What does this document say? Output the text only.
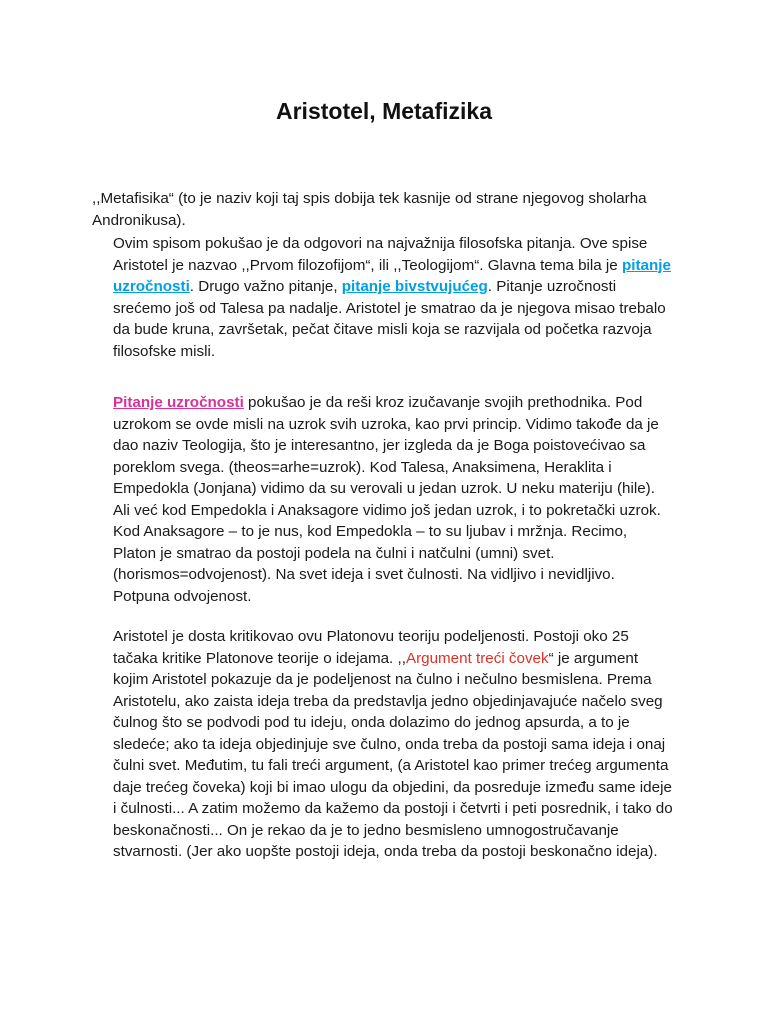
Aristotel, Metafizika

,,Metafisika“ (to je naziv koji taj spis dobija tek kasnije od strane njegovog sholarha Andronikusa).

Ovim spisom pokušao je da odgovori na najvažnija filosofska pitanja. Ove spise Aristotel je nazvao ,,Prvom filozofijom“, ili ,,Teologijom“. Glavna tema bila je pitanje uzročnosti. Drugo važno pitanje, pitanje bivstvujućeg. Pitanje uzročnosti srećemo još od Talesa pa nadalje. Aristotel je smatrao da je njegova misao trebalo da bude kruna, završetak, pečat čitave misli koja se razvijala od početka razvoja filosofske misli.

Pitanje uzročnosti pokušao je da reši kroz izučavanje svojih prethodnika. Pod uzrokom se ovde misli na uzrok svih uzroka, kao prvi princip. Vidimo takođe da je dao naziv Teologija, što je interesantno, jer izgleda da je Boga poistovećivao sa poreklom svega. (theos=arhe=uzrok). Kod Talesa, Anaksimena, Heraklita i Empedokla (Jonjana) vidimo da su verovali u jedan uzrok. U neku materiju (hile). Ali već kod Empedokla i Anaksagore vidimo još jedan uzrok, i to pokretački uzrok. Kod Anaksagore – to je nus, kod Empedokla – to su ljubav i mržnja. Recimo, Platon je smatrao da postoji podela na čulni i natčulni (umni) svet. (horismos=odvojenost). Na svet ideja i svet čulnosti. Na vidljivo i nevidljivo. Potpuna odvojenost.

Aristotel je dosta kritikovao ovu Platonovu teoriju podeljenosti. Postoji oko 25 tačaka kritike Platonove teorije o idejama. ,,Argument treći čovek“ je argument kojim Aristotel pokazuje da je podeljenost na čulno i nečulno besmislena. Prema Aristotelu, ako zaista ideja treba da predstavlja jedno objedinjavajuće načelo sveg čulnog što se podvodi pod tu ideju, onda dolazimo do jednog apsurda, a to je sledeće; ako ta ideja objedinjuje sve čulno, onda treba da postoji sama ideja i onaj čulni svet. Međutim, tu fali treći argument, (a Aristotel kao primer trećeg argumenta daje trećeg čoveka) koji bi imao ulogu da objedini, da posreduje između same ideje i čulnosti... A zatim možemo da kažemo da postoji i četvrti i peti posrednik, i tako do beskonačnosti... On je rekao da je to jedno besmisleno umnogostručavanje stvarnosti. (Jer ako uopšte postoji ideja, onda treba da postoji beskonačno ideja).
